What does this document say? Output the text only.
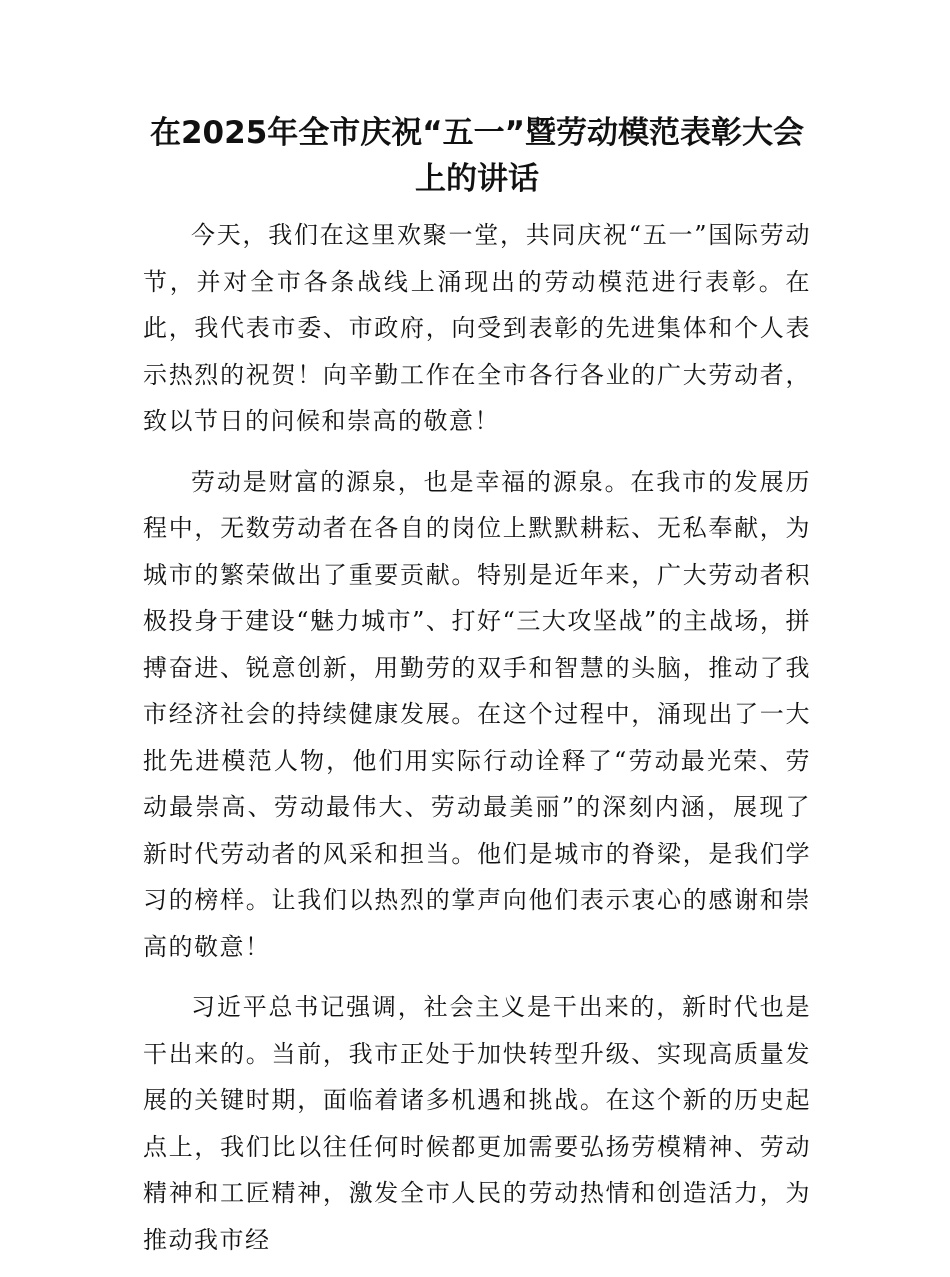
在2025年全市庆祝“五一”暨劳动模范表彰大会上的讲话

今天，我们在这里欢聚一堂，共同庆祝“五一”国际劳动节，并对全市各条战线上涌现出的劳动模范进行表彰。在此，我代表市委、市政府，向受到表彰的先进集体和个人表示热烈的祝贺！向辛勤工作在全市各行各业的广大劳动者，致以节日的问候和崇高的敬意！

劳动是财富的源泉，也是幸福的源泉。在我市的发展历程中，无数劳动者在各自的岗位上默默耕耘、无私奉献，为城市的繁荣做出了重要贡献。特别是近年来，广大劳动者积极投身于建设“魅力城市”、打好“三大攻坚战”的主战场，拼搏奋进、锐意创新，用勤劳的双手和智慧的头脑，推动了我市经济社会的持续健康发展。在这个过程中，涌现出了一大批先进模范人物，他们用实际行动诠释了“劳动最光荣、劳动最崇高、劳动最伟大、劳动最美丽”的深刻内涵，展现了新时代劳动者的风采和担当。他们是城市的脊梁，是我们学习的榜样。让我们以热烈的掌声向他们表示衷心的感谢和崇高的敬意！

习近平总书记强调，社会主义是干出来的，新时代也是干出来的。当前，我市正处于加快转型升级、实现高质量发展的关键时期，面临着诸多机遇和挑战。在这个新的历史起点上，我们比以往任何时候都更加需要弘扬劳模精神、劳动精神和工匠精神，激发全市人民的劳动热情和创造活力，为推动我市经
